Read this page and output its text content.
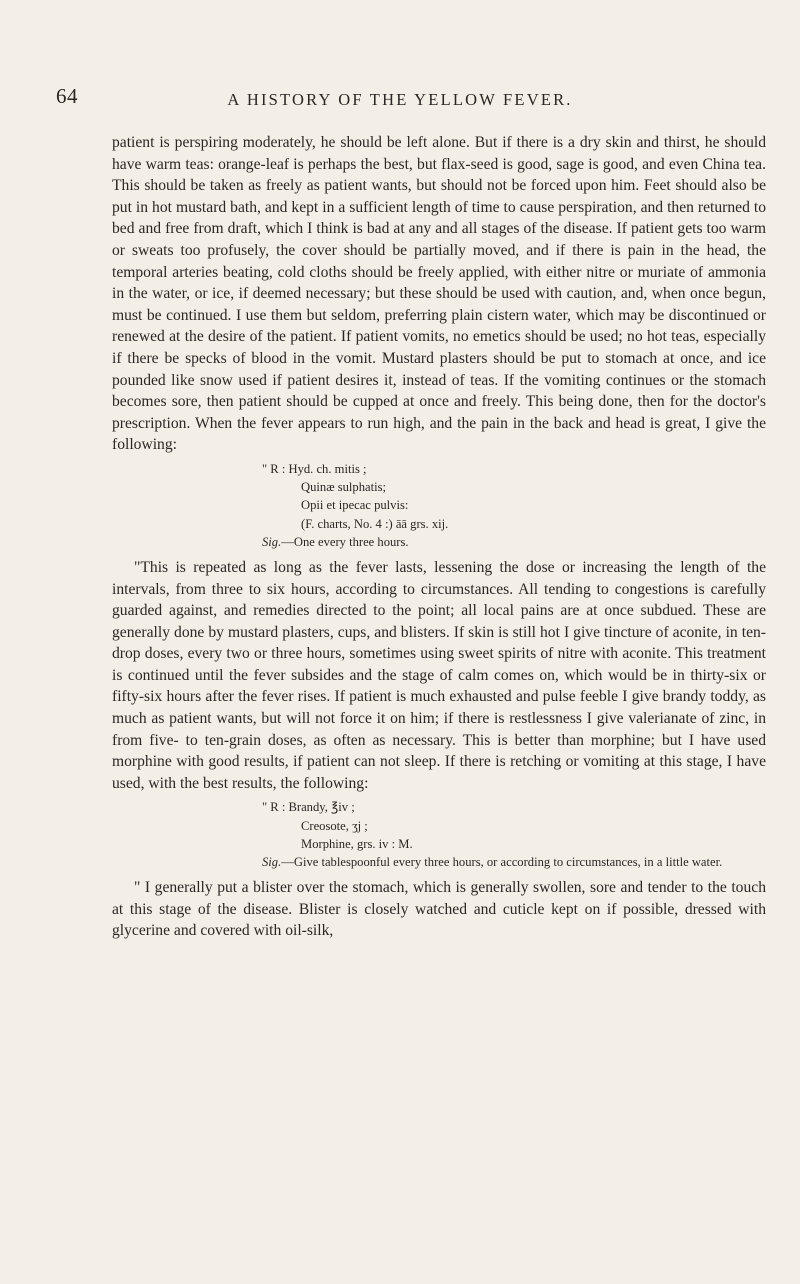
64	A HISTORY OF THE YELLOW FEVER.

patient is perspiring moderately, he should be left alone. But if there is a dry skin and thirst, he should have warm teas: orange-leaf is perhaps the best, but flax-seed is good, sage is good, and even China tea. This should be taken as freely as patient wants, but should not be forced upon him. Feet should also be put in hot mustard bath, and kept in a sufficient length of time to cause perspiration, and then returned to bed and free from draft, which I think is bad at any and all stages of the disease. If patient gets too warm or sweats too profusely, the cover should be partially moved, and if there is pain in the head, the temporal arteries beating, cold cloths should be freely applied, with either nitre or muriate of ammonia in the water, or ice, if deemed necessary; but these should be used with caution, and, when once begun, must be continued. I use them but seldom, preferring plain cistern water, which may be discontinued or renewed at the desire of the patient. If patient vomits, no emetics should be used; no hot teas, especially if there be specks of blood in the vomit. Mustard plasters should be put to stomach at once, and ice pounded like snow used if patient desires it, instead of teas. If the vomiting continues or the stomach becomes sore, then patient should be cupped at once and freely. This being done, then for the doctor's prescription. When the fever appears to run high, and the pain in the back and head is great, I give the following:

" R : Hyd. ch. mitis ;
Quinæ sulphatis;
Opii et ipecac pulvis:
(F. charts, No. 4 :) āā grs. xij.
Sig.—One every three hours.

"This is repeated as long as the fever lasts, lessening the dose or increasing the length of the intervals, from three to six hours, according to circumstances. All tending to congestions is carefully guarded against, and remedies directed to the point; all local pains are at once subdued. These are generally done by mustard plasters, cups, and blisters. If skin is still hot I give tincture of aconite, in ten-drop doses, every two or three hours, sometimes using sweet spirits of nitre with aconite. This treatment is continued until the fever subsides and the stage of calm comes on, which would be in thirty-six or fifty-six hours after the fever rises. If patient is much exhausted and pulse feeble I give brandy toddy, as much as patient wants, but will not force it on him; if there is restlessness I give valerianate of zinc, in from five- to ten-grain doses, as often as necessary. This is better than morphine; but I have used morphine with good results, if patient can not sleep. If there is retching or vomiting at this stage, I have used, with the best results, the following:

" R : Brandy, ℥iv ;
Creosote, ʒj ;
Morphine, grs. iv : M.
Sig.—Give tablespoonful every three hours, or according to circumstances, in a little water.

" I generally put a blister over the stomach, which is generally swollen, sore and tender to the touch at this stage of the disease. Blister is closely watched and cuticle kept on if possible, dressed with glycerine and covered with oil-silk,
